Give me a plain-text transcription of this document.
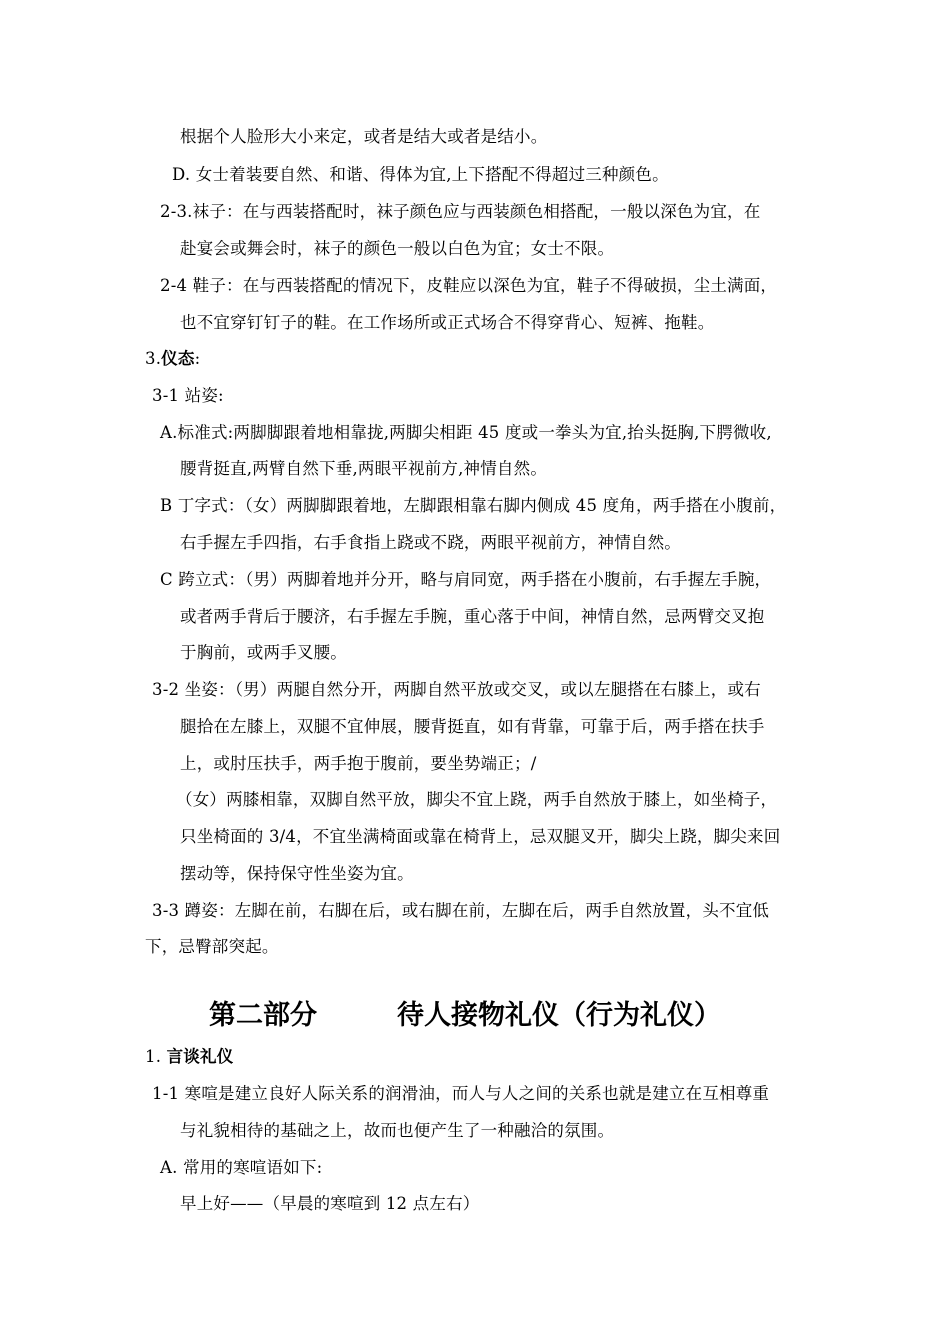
根据个人脸形大小来定，或者是结大或者是结小。
D. 女士着装要自然、和谐、得体为宜,上下搭配不得超过三种颜色。
2-3.袜子：在与西装搭配时，袜子颜色应与西装颜色相搭配，一般以深色为宜，在
赴宴会或舞会时，袜子的颜色一般以白色为宜；女士不限。
2-4 鞋子：在与西装搭配的情况下，皮鞋应以深色为宜，鞋子不得破损，尘土满面，
也不宜穿钉钉子的鞋。在工作场所或正式场合不得穿背心、短裤、拖鞋。
3.仪态:
3-1 站姿:
A.标准式:两脚脚跟着地相靠拢,两脚尖相距 45 度或一拳头为宜,抬头挺胸,下腭微收,
腰背挺直,两臂自然下垂,两眼平视前方,神情自然。
B 丁字式：（女）两脚脚跟着地，左脚跟相靠右脚内侧成 45 度角，两手搭在小腹前，
右手握左手四指，右手食指上跷或不跷，两眼平视前方，神情自然。
C 跨立式：（男）两脚着地并分开，略与肩同宽，两手搭在小腹前，右手握左手腕，
或者两手背后于腰济，右手握左手腕，重心落于中间，神情自然，忌两臂交叉抱
于胸前，或两手叉腰。
3-2 坐姿：（男）两腿自然分开，两脚自然平放或交叉，或以左腿搭在右膝上，或右
腿拾在左膝上，双腿不宜伸展，腰背挺直，如有背靠，可靠于后，两手搭在扶手
上，或肘压扶手，两手抱于腹前，要坐势端正；/
（女）两膝相靠，双脚自然平放，脚尖不宜上跷，两手自然放于膝上，如坐椅子，
只坐椅面的 3/4，不宜坐满椅面或靠在椅背上，忌双腿叉开，脚尖上跷，脚尖来回
摆动等，保持保守性坐姿为宜。
3-3 蹲姿：左脚在前，右脚在后，或右脚在前，左脚在后，两手自然放置，头不宜低
下，忌臀部突起。
第二部分	待人接物礼仪（行为礼仪）
1. 言谈礼仪
1-1 寒喧是建立良好人际关系的润滑油，而人与人之间的关系也就是建立在互相尊重
与礼貌相待的基础之上，故而也便产生了一种融洽的氛围。
A. 常用的寒喧语如下:
早上好——（早晨的寒喧到 12 点左右）
